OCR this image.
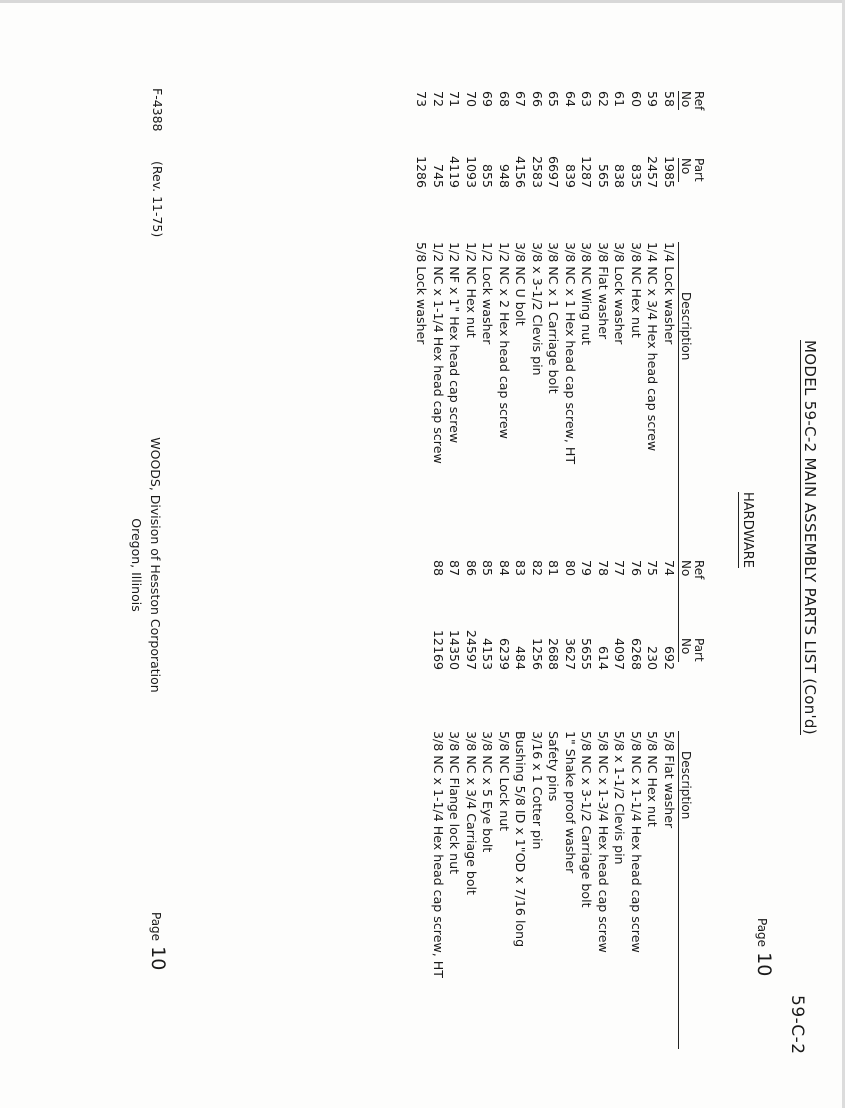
MODEL 59-C-2 MAIN ASSEMBLY PARTS LIST (Con'd)
59-C-2
Page 10
HARDWARE
Ref
No
Part
No
Description
58
59
60
61
62
63
64
65
66
67
68
69
70
71
72
73
1985
2457
835
838
565
1287
839
6697
2583
4156
948
855
1093
4119
745
1286
1/4 Lock washer
1/4 NC x 3/4 Hex head cap screw
3/8 NC Hex nut
3/8 Lock washer
3/8 Flat washer
3/8 NC Wing nut
3/8 NC x 1 Hex head cap screw, HT
3/8 NC x 1 Carriage bolt
3/8 x 3-1/2 Clevis pin
3/8 NC U bolt
1/2 NC x 2 Hex head cap screw
1/2 Lock washer
1/2 NC Hex nut
1/2 NF x 1" Hex head cap screw
1/2 NC x 1-1/4 Hex head cap screw
5/8 Lock washer
Ref
No
Part
No
Description
74
75
76
77
78
79
80
81
82
83
84
85
86
87
88
692
230
6268
4097
614
5655
3627
2688
1256
484
6239
4153
24597
14350
12169
5/8 Flat washer
5/8 NC Hex nut
5/8 NC x 1-1/4 Hex head cap screw
5/8 x 1-1/2 Clevis pin
5/8 NC x 1-3/4 Hex head cap screw
5/8 NC x 3-1/2 Carriage bolt
1" Shake proof washer
Safety pins
3/16 x 1 Cotter pin
Bushing 5/8 ID x 1"OD x 7/16 long
5/8 NC Lock nut
3/8 NC x 5 Eye bolt
3/8 NC x 3/4 Carriage bolt
3/8 NC Flange lock nut
3/8 NC x 1-1/4 Hex head cap screw, HT
F-4388
(Rev. 11-75)
WOODS, Division of Hesston Corporation
Oregon, Illinois
Page 10
